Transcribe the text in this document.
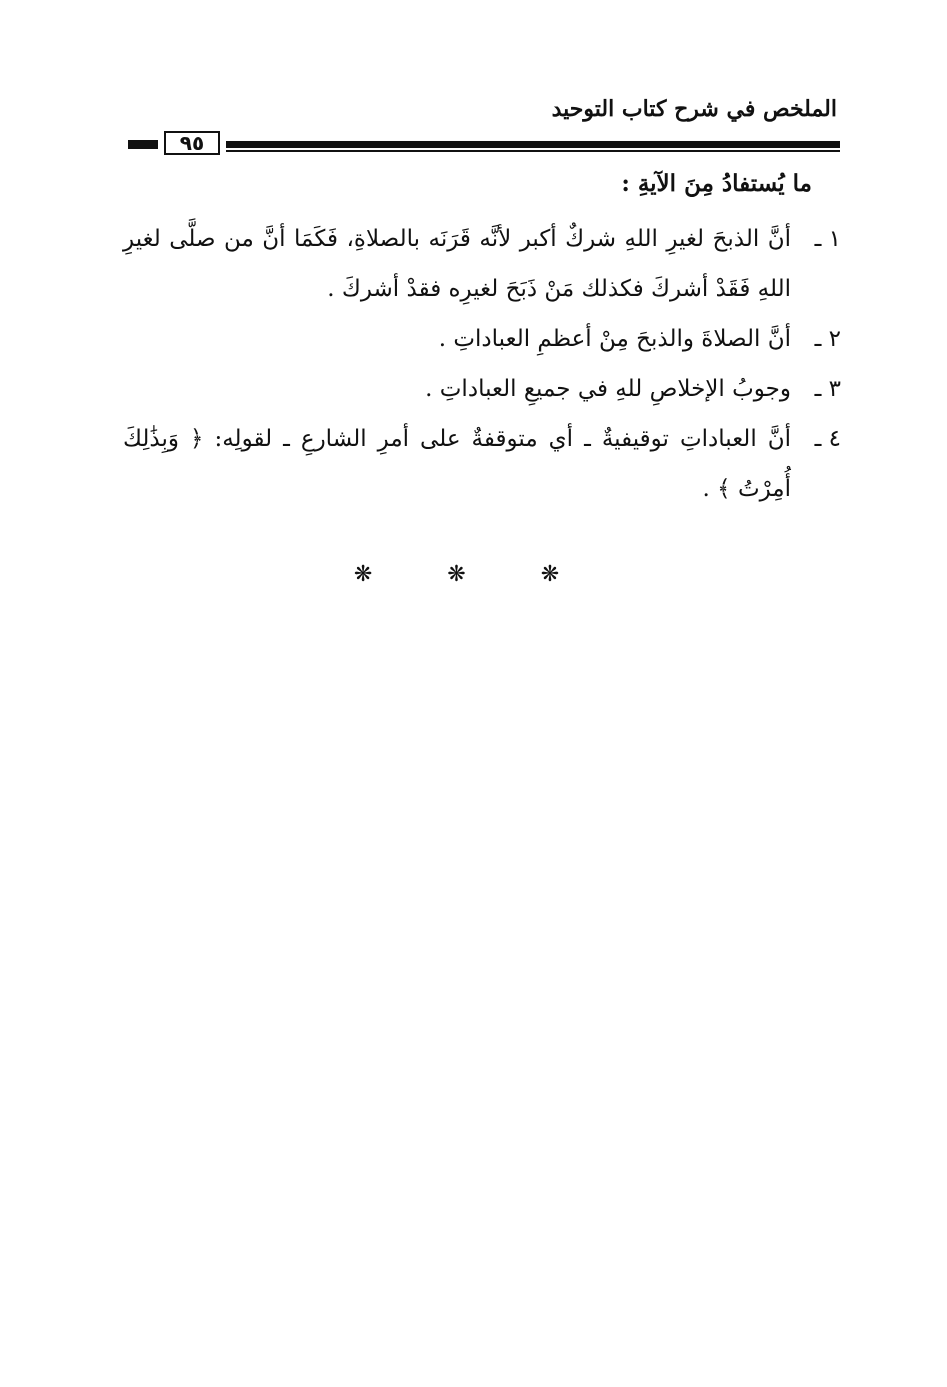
الملخص في شرح كتاب التوحيد
٩٥
ما يُستفادُ مِنَ الآيةِ :
١ ـ
أنَّ الذبحَ لغيرِ اللهِ شركٌ أكبر لأنَّه قَرَنَه بالصلاةِ، فَكَمَا أنَّ من صلَّى لغيرِ اللهِ فَقَدْ أشركَ فكذلك مَنْ ذَبَحَ لغيرِه فقدْ أشركَ .
٢ ـ
أنَّ الصلاةَ والذبحَ مِنْ أعظمِ العباداتِ .
٣ ـ
وجوبُ الإخلاصِ للهِ في جميعِ العباداتِ .
٤ ـ
أنَّ العباداتِ توقيفيةٌ ـ أي متوقفةٌ على أمرِ الشارعِ ـ لقولِه: ﴿ وَبِذَٰلِكَ أُمِرْتُ ﴾ .
❋ ❋ ❋
